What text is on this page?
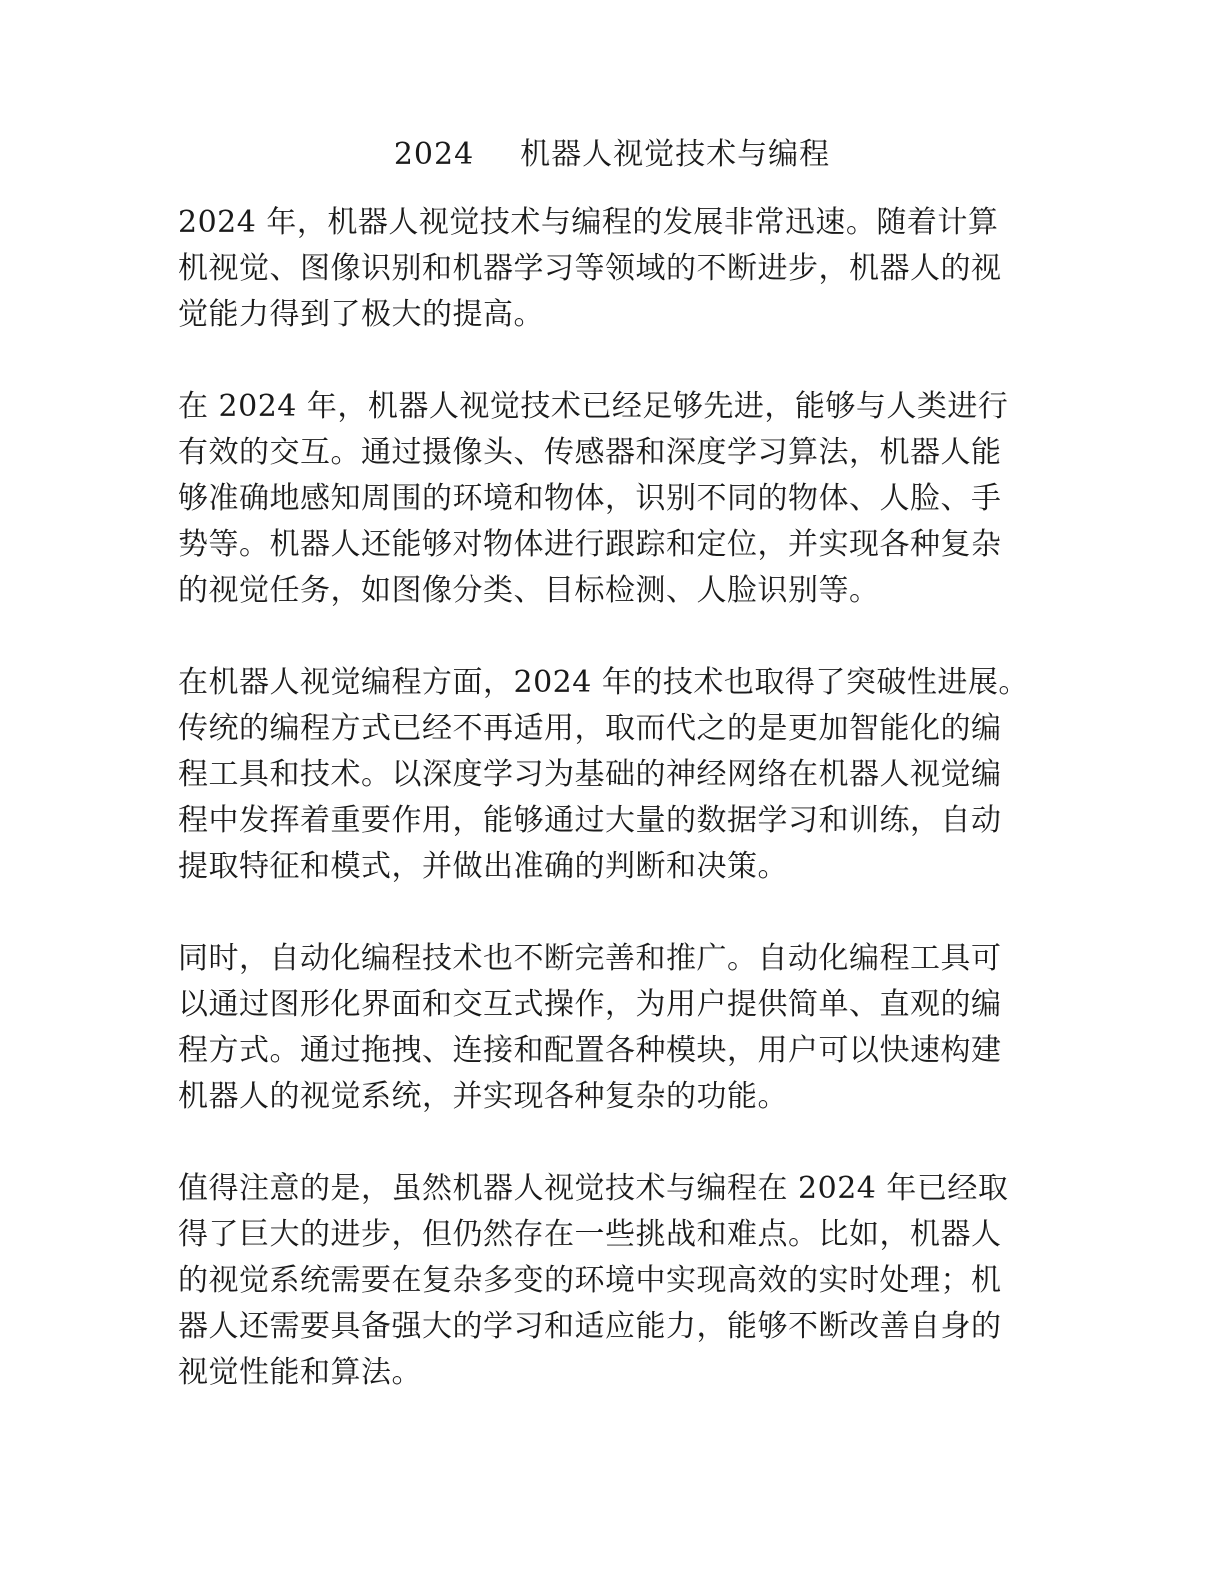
2024 机器人视觉技术与编程
2024 年，机器人视觉技术与编程的发展非常迅速。随着计算
机视觉、图像识别和机器学习等领域的不断进步，机器人的视
觉能力得到了极大的提高。
在 2024 年，机器人视觉技术已经足够先进，能够与人类进行
有效的交互。通过摄像头、传感器和深度学习算法，机器人能
够准确地感知周围的环境和物体，识别不同的物体、人脸、手
势等。机器人还能够对物体进行跟踪和定位，并实现各种复杂
的视觉任务，如图像分类、目标检测、人脸识别等。
在机器人视觉编程方面，2024 年的技术也取得了突破性进展。
传统的编程方式已经不再适用，取而代之的是更加智能化的编
程工具和技术。以深度学习为基础的神经网络在机器人视觉编
程中发挥着重要作用，能够通过大量的数据学习和训练，自动
提取特征和模式，并做出准确的判断和决策。
同时，自动化编程技术也不断完善和推广。自动化编程工具可
以通过图形化界面和交互式操作，为用户提供简单、直观的编
程方式。通过拖拽、连接和配置各种模块，用户可以快速构建
机器人的视觉系统，并实现各种复杂的功能。
值得注意的是，虽然机器人视觉技术与编程在 2024 年已经取
得了巨大的进步，但仍然存在一些挑战和难点。比如，机器人
的视觉系统需要在复杂多变的环境中实现高效的实时处理；机
器人还需要具备强大的学习和适应能力，能够不断改善自身的
视觉性能和算法。
